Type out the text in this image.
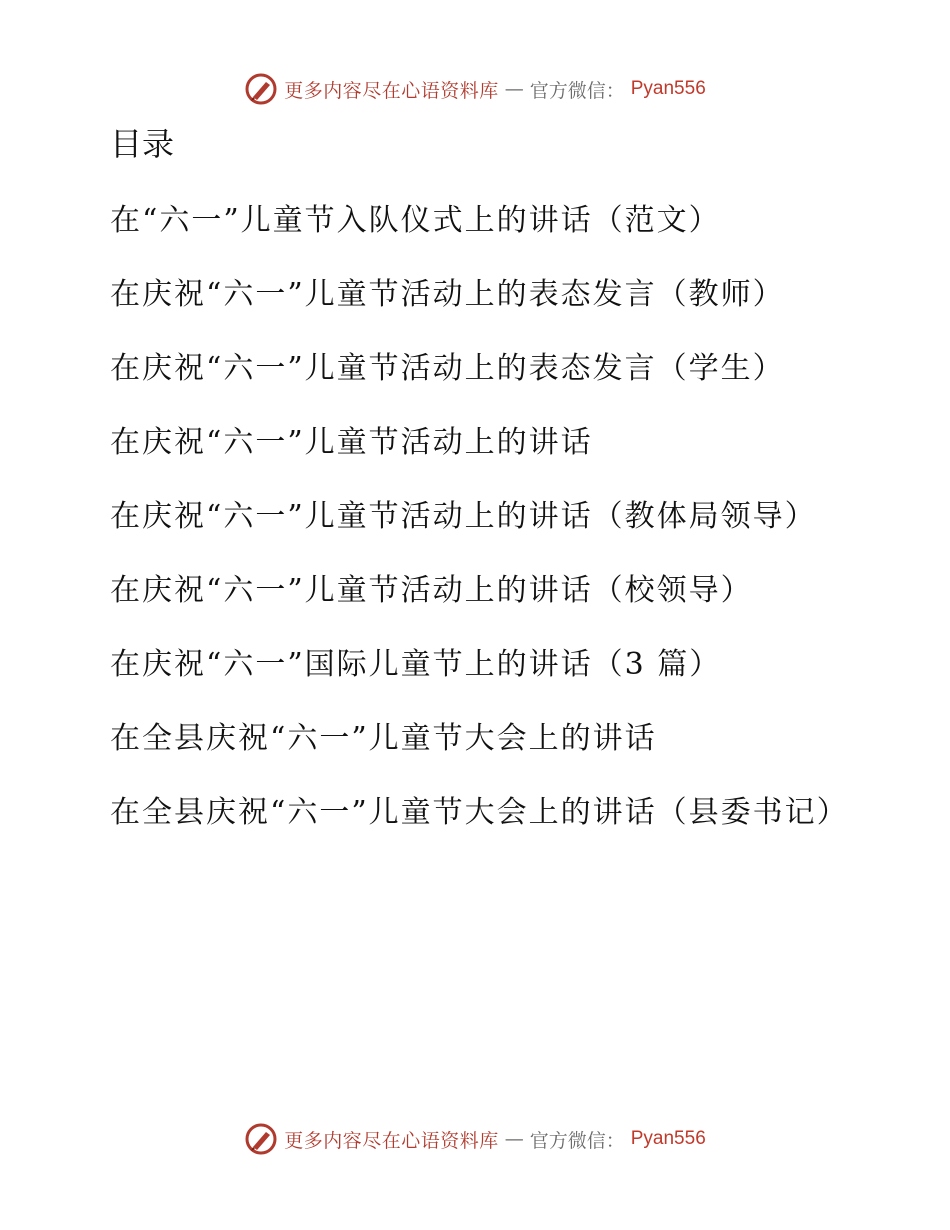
更多内容尽在心语资料库 — 官方微信： Pyan556
目录
在“六一”儿童节入队仪式上的讲话（范文）
在庆祝“六一”儿童节活动上的表态发言（教师）
在庆祝“六一”儿童节活动上的表态发言（学生）
在庆祝“六一”儿童节活动上的讲话
在庆祝“六一”儿童节活动上的讲话（教体局领导）
在庆祝“六一”儿童节活动上的讲话（校领导）
在庆祝“六一”国际儿童节上的讲话（3 篇）
在全县庆祝“六一”儿童节大会上的讲话
在全县庆祝“六一”儿童节大会上的讲话（县委书记）
更多内容尽在心语资料库 — 官方微信： Pyan556
